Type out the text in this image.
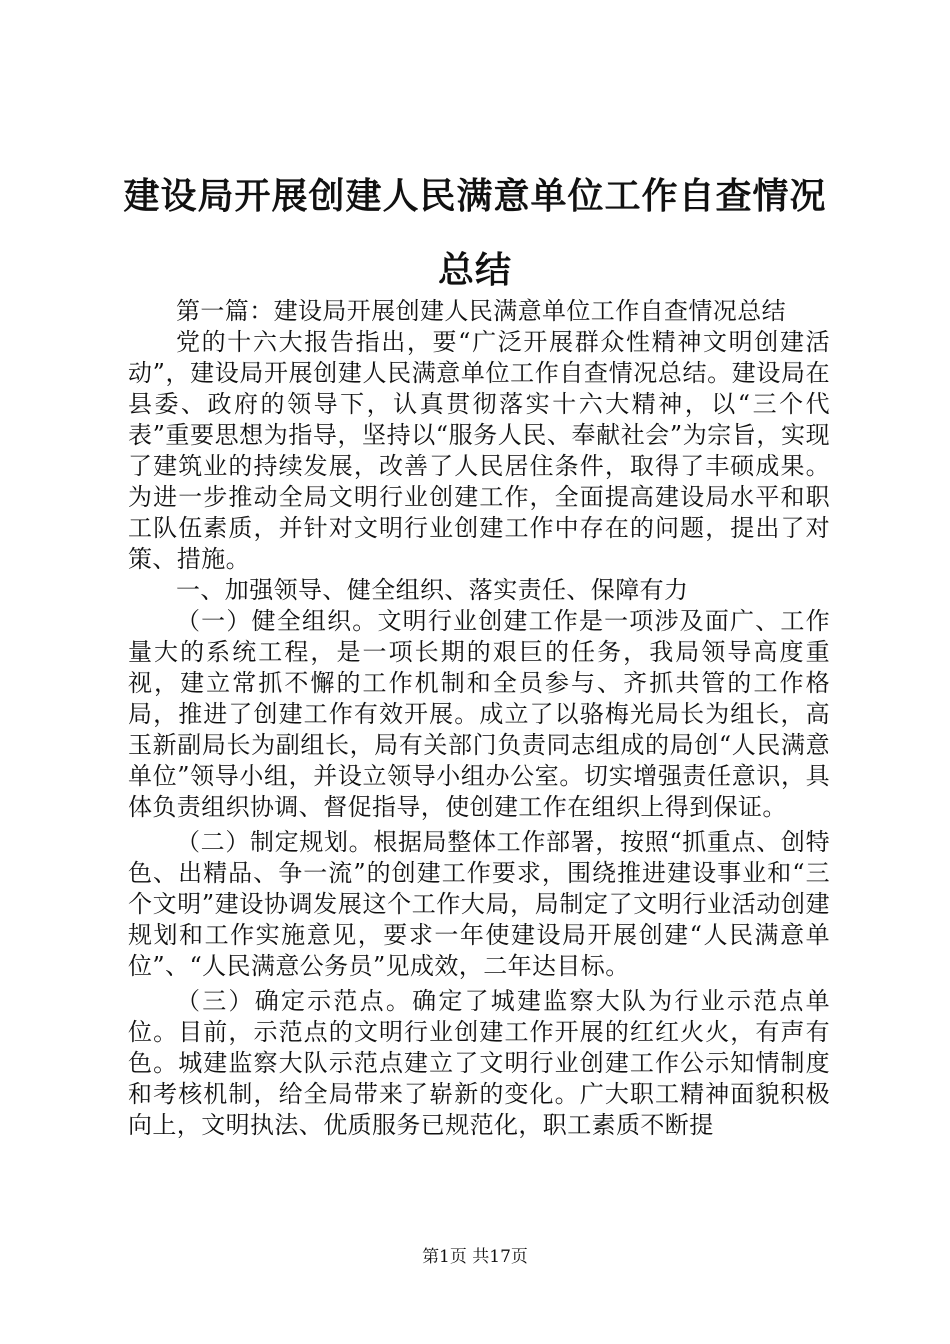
建设局开展创建人民满意单位工作自查情况总结

第一篇：建设局开展创建人民满意单位工作自查情况总结

党的十六大报告指出，要“广泛开展群众性精神文明创建活动”，建设局开展创建人民满意单位工作自查情况总结。建设局在县委、政府的领导下，认真贯彻落实十六大精神，以“三个代表”重要思想为指导，坚持以“服务人民、奉献社会”为宗旨，实现了建筑业的持续发展，改善了人民居住条件，取得了丰硕成果。为进一步推动全局文明行业创建工作，全面提高建设局水平和职工队伍素质，并针对文明行业创建工作中存在的问题，提出了对策、措施。

一、加强领导、健全组织、落实责任、保障有力

（一）健全组织。文明行业创建工作是一项涉及面广、工作量大的系统工程，是一项长期的艰巨的任务，我局领导高度重视，建立常抓不懈的工作机制和全员参与、齐抓共管的工作格局，推进了创建工作有效开展。成立了以骆梅光局长为组长，高玉新副局长为副组长，局有关部门负责同志组成的局创“人民满意单位”领导小组，并设立领导小组办公室。切实增强责任意识，具体负责组织协调、督促指导，使创建工作在组织上得到保证。

（二）制定规划。根据局整体工作部署，按照“抓重点、创特色、出精品、争一流”的创建工作要求，围绕推进建设事业和“三个文明”建设协调发展这个工作大局，局制定了文明行业活动创建规划和工作实施意见，要求一年使建设局开展创建“人民满意单位”、“人民满意公务员”见成效，二年达目标。

（三）确定示范点。确定了城建监察大队为行业示范点单位。目前，示范点的文明行业创建工作开展的红红火火，有声有色。城建监察大队示范点建立了文明行业创建工作公示知情制度和考核机制，给全局带来了崭新的变化。广大职工精神面貌积极向上，文明执法、优质服务已规范化，职工素质不断提

第1页 共17页
